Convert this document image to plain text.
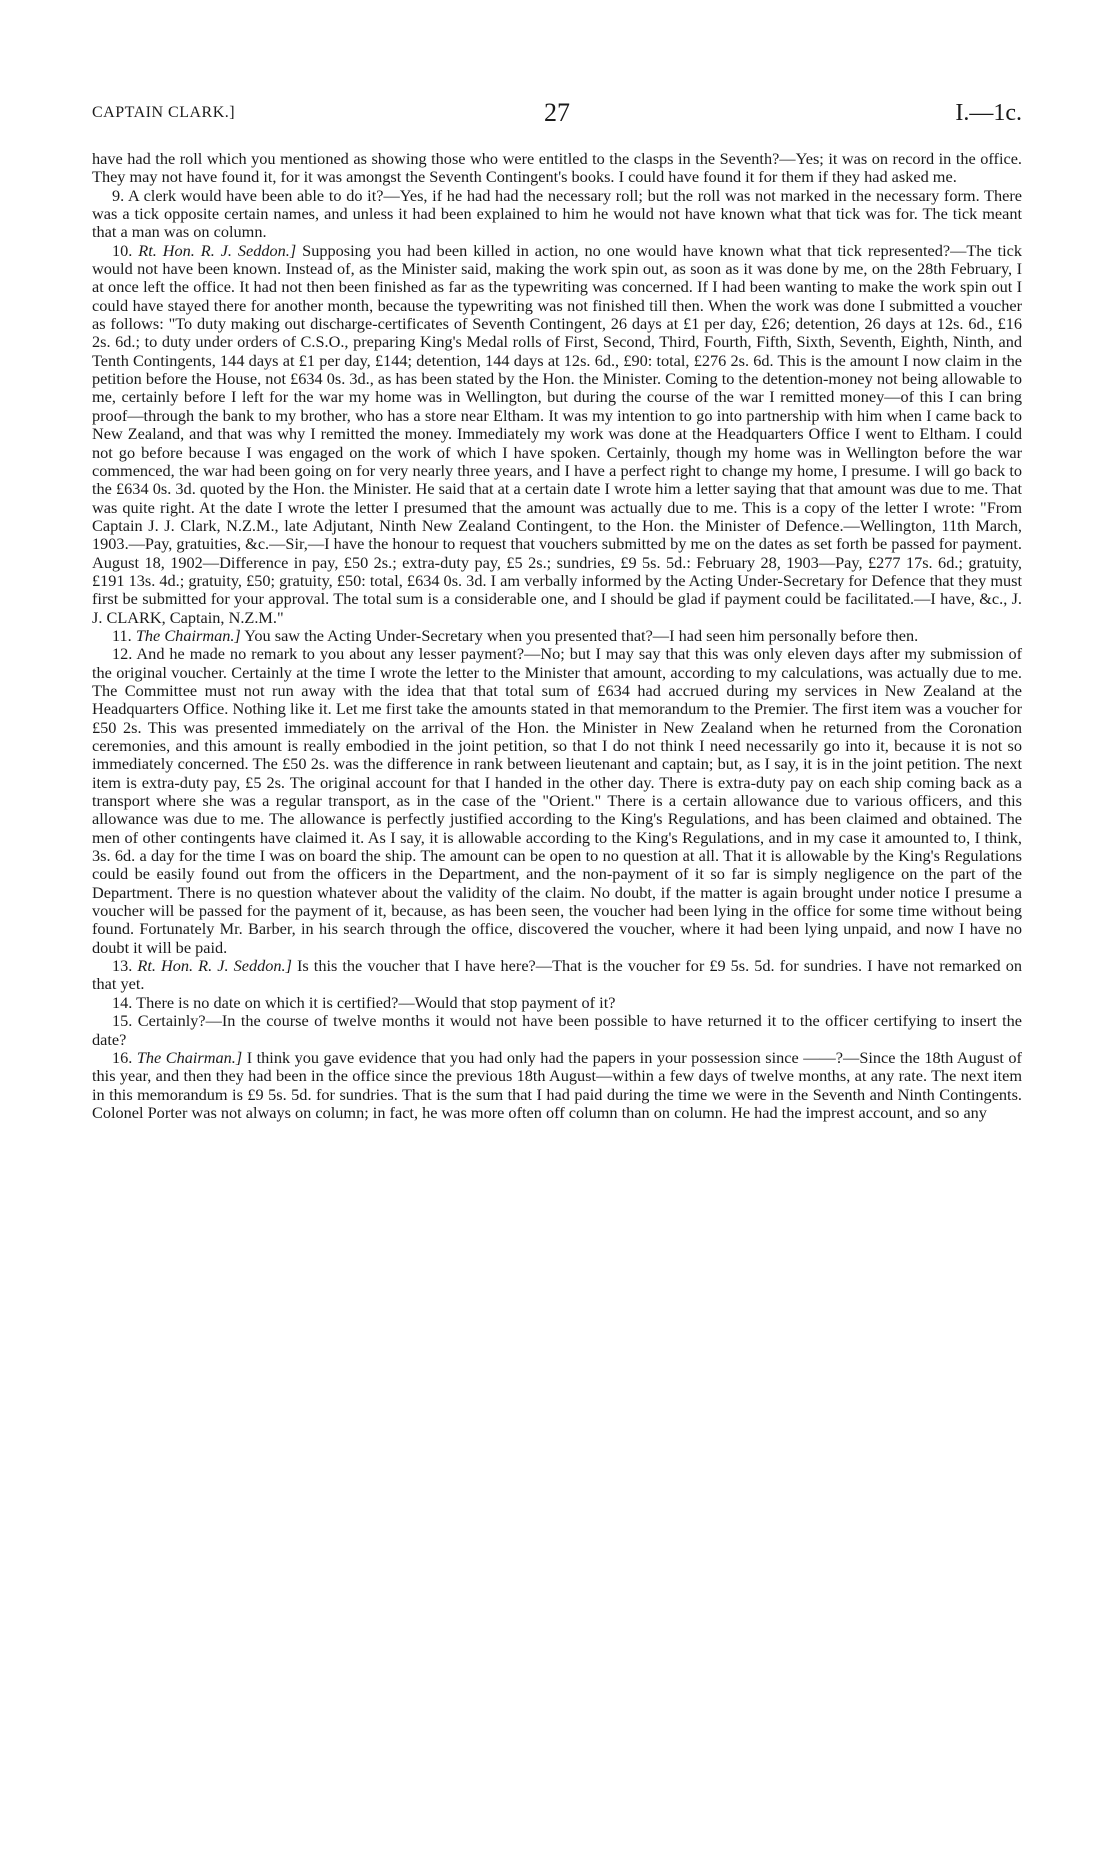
CAPTAIN CLARK.]	27	I.—1c.

have had the roll which you mentioned as showing those who were entitled to the clasps in the Seventh?—Yes; it was on record in the office. They may not have found it, for it was amongst the Seventh Contingent's books. I could have found it for them if they had asked me.

9. A clerk would have been able to do it?—Yes, if he had had the necessary roll; but the roll was not marked in the necessary form. There was a tick opposite certain names, and unless it had been explained to him he would not have known what that tick was for. The tick meant that a man was on column.

10. Rt. Hon. R. J. Seddon.] Supposing you had been killed in action, no one would have known what that tick represented?—The tick would not have been known. Instead of, as the Minister said, making the work spin out, as soon as it was done by me, on the 28th February, I at once left the office. It had not then been finished as far as the typewriting was concerned. If I had been wanting to make the work spin out I could have stayed there for another month, because the typewriting was not finished till then. When the work was done I submitted a voucher as follows: "To duty making out discharge-certificates of Seventh Contingent, 26 days at £1 per day, £26; detention, 26 days at 12s. 6d., £16 2s. 6d.; to duty under orders of C.S.O., preparing King's Medal rolls of First, Second, Third, Fourth, Fifth, Sixth, Seventh, Eighth, Ninth, and Tenth Contingents, 144 days at £1 per day, £144; detention, 144 days at 12s. 6d., £90: total, £276 2s. 6d. This is the amount I now claim in the petition before the House, not £634 0s. 3d., as has been stated by the Hon. the Minister. Coming to the detention-money not being allowable to me, certainly before I left for the war my home was in Wellington, but during the course of the war I remitted money—of this I can bring proof—through the bank to my brother, who has a store near Eltham. It was my intention to go into partnership with him when I came back to New Zealand, and that was why I remitted the money. Immediately my work was done at the Headquarters Office I went to Eltham. I could not go before because I was engaged on the work of which I have spoken. Certainly, though my home was in Wellington before the war commenced, the war had been going on for very nearly three years, and I have a perfect right to change my home, I presume. I will go back to the £634 0s. 3d. quoted by the Hon. the Minister. He said that at a certain date I wrote him a letter saying that that amount was due to me. That was quite right. At the date I wrote the letter I presumed that the amount was actually due to me. This is a copy of the letter I wrote: "From Captain J. J. Clark, N.Z.M., late Adjutant, Ninth New Zealand Contingent, to the Hon. the Minister of Defence.—Wellington, 11th March, 1903.—Pay, gratuities, &c.—Sir,—I have the honour to request that vouchers submitted by me on the dates as set forth be passed for payment. August 18, 1902—Difference in pay, £50 2s.; extra-duty pay, £5 2s.; sundries, £9 5s. 5d.: February 28, 1903—Pay, £277 17s. 6d.; gratuity, £191 13s. 4d.; gratuity, £50; gratuity, £50: total, £634 0s. 3d. I am verbally informed by the Acting Under-Secretary for Defence that they must first be submitted for your approval. The total sum is a considerable one, and I should be glad if payment could be facilitated.—I have, &c., J. J. CLARK, Captain, N.Z.M."

11. The Chairman.] You saw the Acting Under-Secretary when you presented that?—I had seen him personally before then.

12. And he made no remark to you about any lesser payment?—No; but I may say that this was only eleven days after my submission of the original voucher. Certainly at the time I wrote the letter to the Minister that amount, according to my calculations, was actually due to me. The Committee must not run away with the idea that that total sum of £634 had accrued during my services in New Zealand at the Headquarters Office. Nothing like it. Let me first take the amounts stated in that memorandum to the Premier. The first item was a voucher for £50 2s. This was presented immediately on the arrival of the Hon. the Minister in New Zealand when he returned from the Coronation ceremonies, and this amount is really embodied in the joint petition, so that I do not think I need necessarily go into it, because it is not so immediately concerned. The £50 2s. was the difference in rank between lieutenant and captain; but, as I say, it is in the joint petition. The next item is extra-duty pay, £5 2s. The original account for that I handed in the other day. There is extra-duty pay on each ship coming back as a transport where she was a regular transport, as in the case of the "Orient." There is a certain allowance due to various officers, and this allowance was due to me. The allowance is perfectly justified according to the King's Regulations, and has been claimed and obtained. The men of other contingents have claimed it. As I say, it is allowable according to the King's Regulations, and in my case it amounted to, I think, 3s. 6d. a day for the time I was on board the ship. The amount can be open to no question at all. That it is allowable by the King's Regulations could be easily found out from the officers in the Department, and the non-payment of it so far is simply negligence on the part of the Department. There is no question whatever about the validity of the claim. No doubt, if the matter is again brought under notice I presume a voucher will be passed for the payment of it, because, as has been seen, the voucher had been lying in the office for some time without being found. Fortunately Mr. Barber, in his search through the office, discovered the voucher, where it had been lying unpaid, and now I have no doubt it will be paid.

13. Rt. Hon. R. J. Seddon.] Is this the voucher that I have here?—That is the voucher for £9 5s. 5d. for sundries. I have not remarked on that yet.

14. There is no date on which it is certified?—Would that stop payment of it?

15. Certainly?—In the course of twelve months it would not have been possible to have returned it to the officer certifying to insert the date?

16. The Chairman.] I think you gave evidence that you had only had the papers in your possession since ——?—Since the 18th August of this year, and then they had been in the office since the previous 18th August—within a few days of twelve months, at any rate. The next item in this memorandum is £9 5s. 5d. for sundries. That is the sum that I had paid during the time we were in the Seventh and Ninth Contingents. Colonel Porter was not always on column; in fact, he was more often off column than on column. He had the imprest account, and so any
